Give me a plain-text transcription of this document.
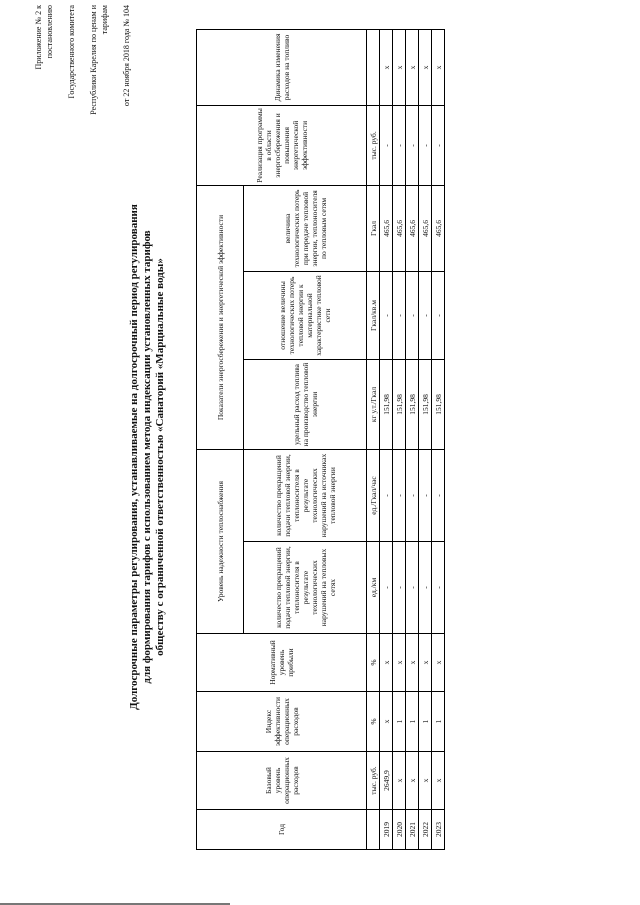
Приложение № 2 к постановлению Государственного комитета Республики Карелия по ценам и тарифам от 22 ноября 2018 года № 104

Долгосрочные параметры регулирования, устанавливаемые на долгосрочный период регулирования для формирования тарифов с использованием метода индексации установленных тарифов обществу с ограниченной ответственностью «Санаторий «Марциальные воды»
Год	Базовый уровень операционных расходов	Индекс эффективности операционных расходов	Нормативный уровень прибыли	Уровень надежности теплоснабжения		Показатели энергосбережения и энергетической эффективности			Реализация программы в области энергосбережения и повышения энергетической эффективности	Динамика изменения расходов на топливо
				количество прекращений подачи тепловой энергии, теплоносителя в результате технологических нарушений на тепловых сетях	количество прекращений подачи тепловой энергии, теплоносителя в результате технологических нарушений на источниках тепловой энергии	удельный расход топлива на производство тепловой энергии	отношение величины технологических потерь тепловой энергии к материальной характеристике тепловой сети	величина технологических потерь при передаче тепловой энергии, теплоносителя по тепловым сетям		
	тыс. руб.	%	%	ед./км	ед./Гкал/час	кг у.т./Гкал	Гкал/кв.м	Гкал	тыс. руб.	
2019	2649,9	x	x	-	-	151,98	-	465,6	-	x
2020	x	1	x	-	-	151,98	-	465,6	-	x
2021	x	1	x	-	-	151,98	-	465,6	-	x
2022	x	1	x	-	-	151,98	-	465,6	-	x
2023	x	1	x	-	-	151,98	-	465,6	-	x
